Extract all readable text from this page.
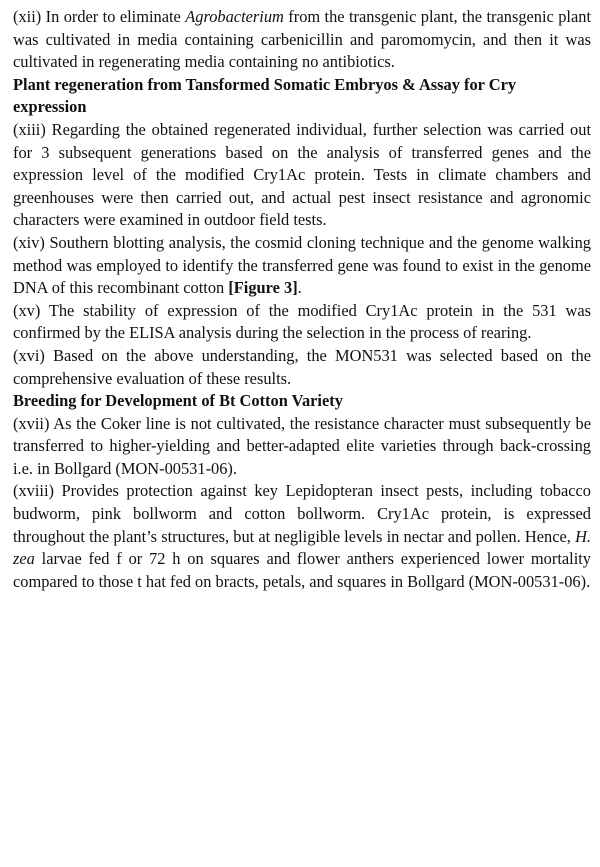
(xii) In order to eliminate Agrobacterium from the transgenic plant, the transgenic plant was cultivated in media containing carbenicillin and paromomycin, and then it was cultivated in regenerating media containing no antibiotics.

Plant regeneration from Tansformed Somatic Embryos & Assay for Cry expression

(xiii) Regarding the obtained regenerated individual, further selection was carried out for 3 subsequent generations based on the analysis of transferred genes and the expression level of the modified Cry1Ac protein. Tests in climate chambers and greenhouses were then carried out, and actual pest insect resistance and agronomic characters were examined in outdoor field tests.

(xiv) Southern blotting analysis, the cosmid cloning technique and the genome walking method was employed to identify the transferred gene was found to exist in the genome DNA of this recombinant cotton [Figure 3].

(xv) The stability of expression of the modified Cry1Ac protein in the 531 was confirmed by the ELISA analysis during the selection in the process of rearing.

(xvi) Based on the above understanding, the MON531 was selected based on the comprehensive evaluation of these results.

Breeding for Development of Bt Cotton Variety

(xvii) As the Coker line is not cultivated, the resistance character must subsequently be transferred to higher-yielding and better-adapted elite varieties through back-crossing i.e. in Bollgard (MON-00531-06).

(xviii) Provides protection against key Lepidopteran insect pests, including tobacco budworm, pink bollworm and cotton bollworm. Cry1Ac protein, is expressed throughout the plant’s structures, but at negligible levels in nectar and pollen. Hence, H. zea larvae fed f or 72 h on squares and flower anthers experienced lower mortality compared to those t hat fed on bracts, petals, and squares in Bollgard (MON-00531-06).
